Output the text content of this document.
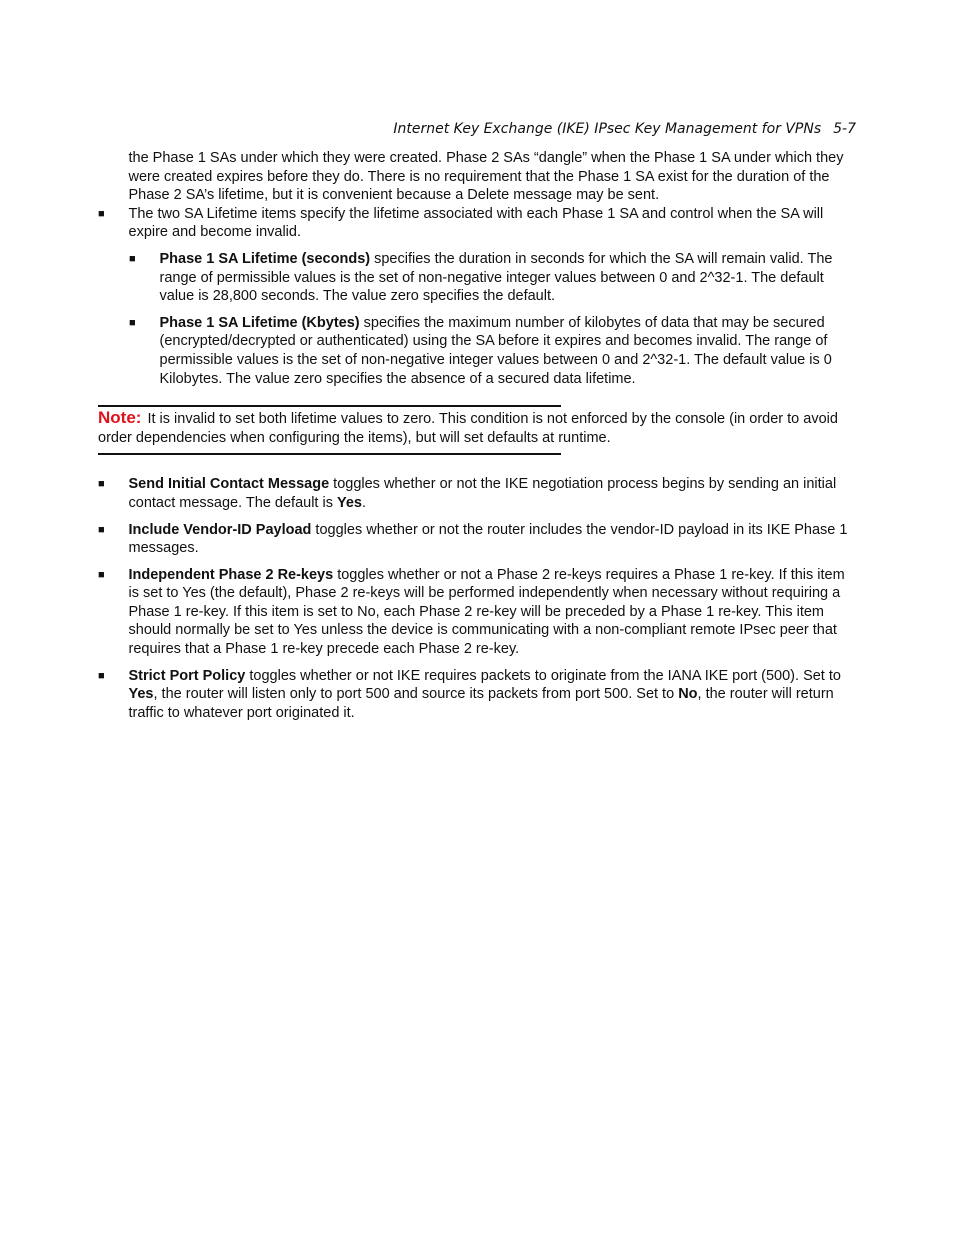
Internet Key Exchange (IKE) IPsec Key Management for VPNs 5-7

the Phase 1 SAs under which they were created. Phase 2 SAs “dangle” when the Phase 1 SA under which they were created expires before they do. There is no requirement that the Phase 1 SA exist for the duration of the Phase 2 SA’s lifetime, but it is convenient because a Delete message may be sent.

■ The two SA Lifetime items specify the lifetime associated with each Phase 1 SA and control when the SA will expire and become invalid.

■ Phase 1 SA Lifetime (seconds) specifies the duration in seconds for which the SA will remain valid. The range of permissible values is the set of non-negative integer values between 0 and 2^32-1. The default value is 28,800 seconds. The value zero specifies the default.

■ Phase 1 SA Lifetime (Kbytes) specifies the maximum number of kilobytes of data that may be secured (encrypted/decrypted or authenticated) using the SA before it expires and becomes invalid. The range of permissible values is the set of non-negative integer values between 0 and 2^32-1. The default value is 0 Kilobytes. The value zero specifies the absence of a secured data lifetime.

Note: It is invalid to set both lifetime values to zero. This condition is not enforced by the console (in order to avoid order dependencies when configuring the items), but will set defaults at runtime.
■ Send Initial Contact Message toggles whether or not the IKE negotiation process begins by sending an initial contact message. The default is Yes.

■ Include Vendor-ID Payload toggles whether or not the router includes the vendor-ID payload in its IKE Phase 1 messages.

■ Independent Phase 2 Re-keys toggles whether or not a Phase 2 re-keys requires a Phase 1 re-key. If this item is set to Yes (the default), Phase 2 re-keys will be performed independently when necessary without requiring a Phase 1 re-key. If this item is set to No, each Phase 2 re-key will be preceded by a Phase 1 re-key. This item should normally be set to Yes unless the device is communicating with a non-compliant remote IPsec peer that requires that a Phase 1 re-key precede each Phase 2 re-key.

■ Strict Port Policy toggles whether or not IKE requires packets to originate from the IANA IKE port (500). Set to Yes, the router will listen only to port 500 and source its packets from port 500. Set to No, the router will return traffic to whatever port originated it.
